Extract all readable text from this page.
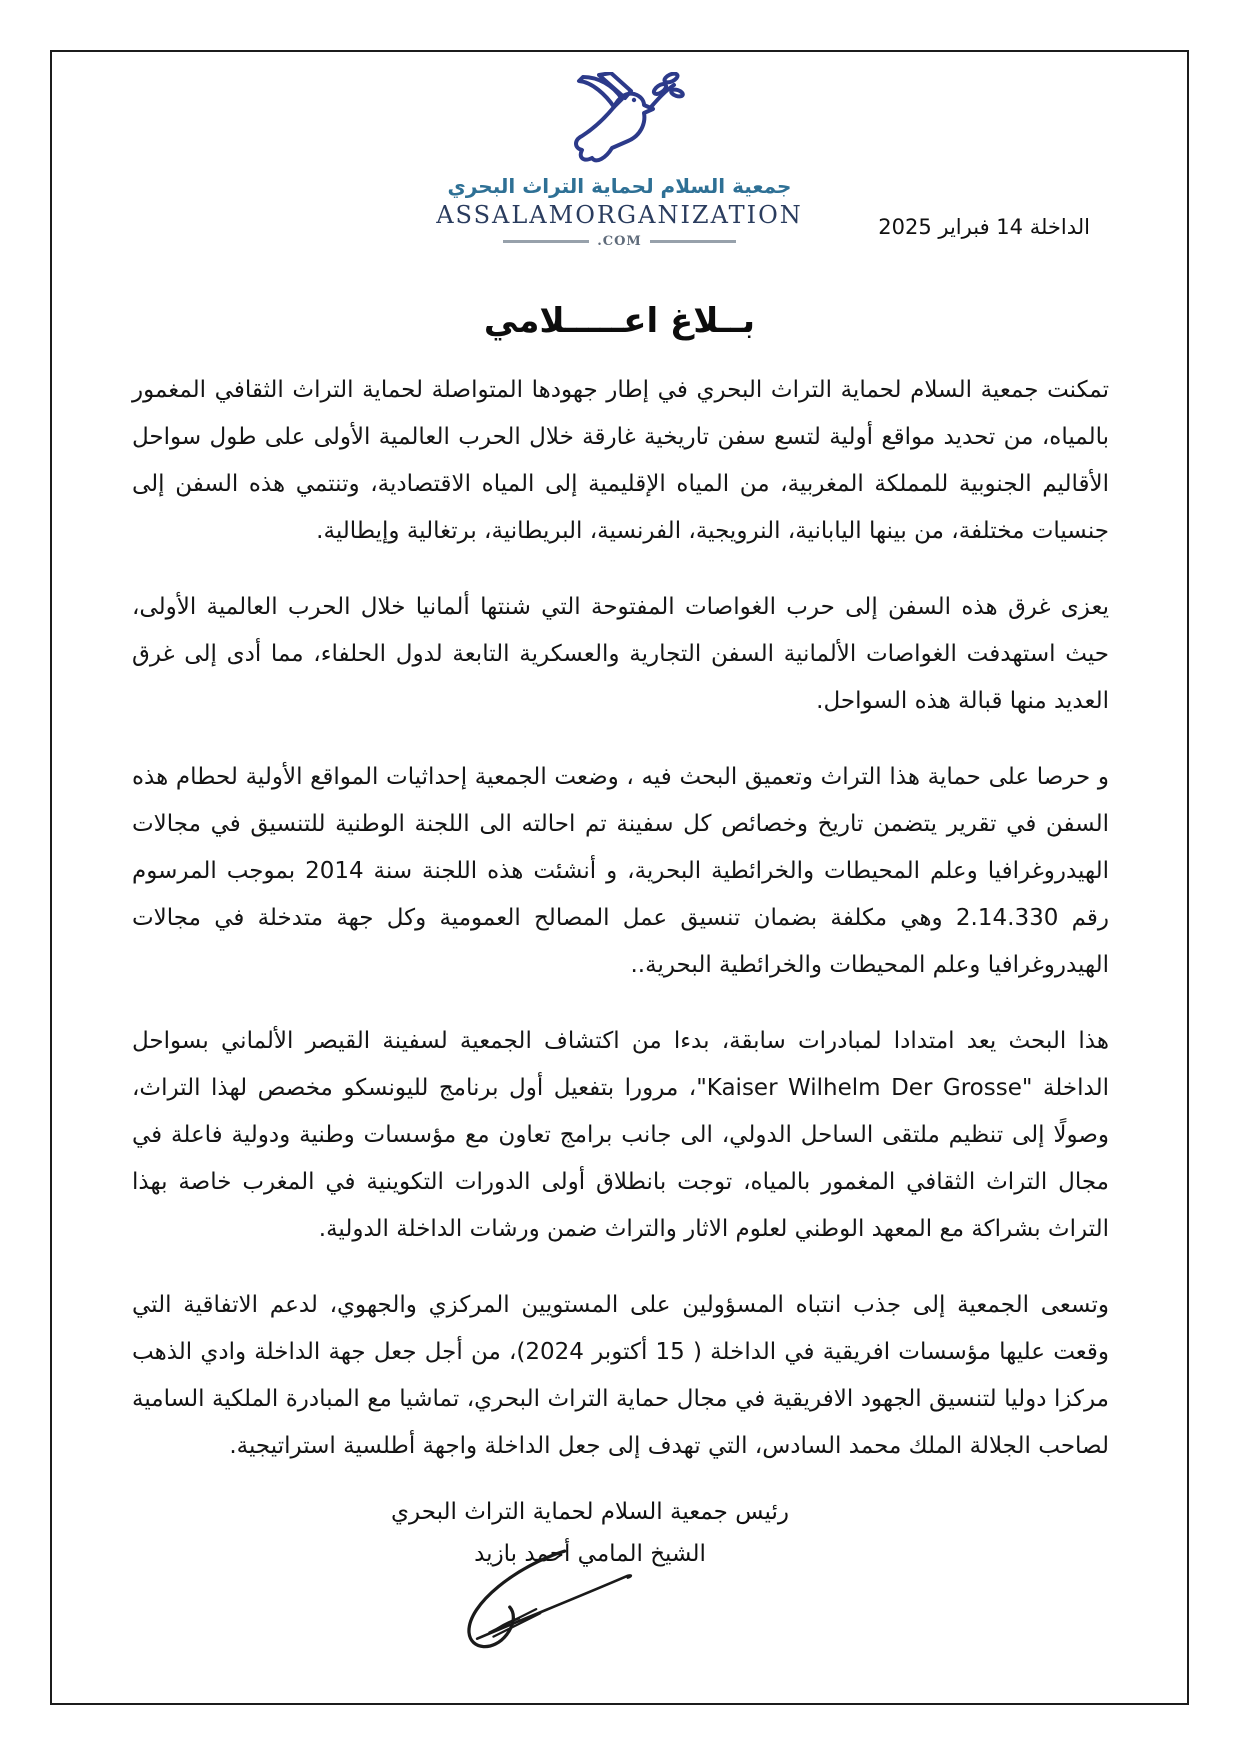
جمعية السلام لحماية التراث البحري
ASSALAMORGANIZATION
.COM
الداخلة 14 فبراير 2025
بــلاغ اعـــــلامي

تمكنت جمعية السلام لحماية التراث البحري في إطار جهودها المتواصلة لحماية التراث الثقافي المغمور بالمياه، من تحديد مواقع أولية لتسع سفن تاريخية غارقة خلال الحرب العالمية الأولى على طول سواحل الأقاليم الجنوبية للمملكة المغربية، من المياه الإقليمية إلى المياه الاقتصادية، وتنتمي هذه السفن إلى جنسيات مختلفة، من بينها اليابانية، النرويجية، الفرنسية، البريطانية، برتغالية وإيطالية.

يعزى غرق هذه السفن إلى حرب الغواصات المفتوحة التي شنتها ألمانيا خلال الحرب العالمية الأولى، حيث استهدفت الغواصات الألمانية السفن التجارية والعسكرية التابعة لدول الحلفاء، مما أدى إلى غرق العديد منها قبالة هذه السواحل.

و حرصا على حماية هذا التراث وتعميق البحث فيه ، وضعت الجمعية إحداثيات المواقع الأولية لحطام هذه السفن في تقرير يتضمن تاريخ وخصائص كل سفينة تم احالته الى اللجنة الوطنية للتنسيق في مجالات الهيدروغرافيا وعلم المحيطات والخرائطية البحرية، و أنشئت هذه اللجنة سنة 2014 بموجب المرسوم رقم 2.14.330 وهي مكلفة بضمان تنسيق عمل المصالح العمومية وكل جهة متدخلة في مجالات الهيدروغرافيا وعلم المحيطات والخرائطية البحرية..

هذا البحث يعد امتدادا لمبادرات سابقة، بدءا من اكتشاف الجمعية لسفينة القيصر الألماني بسواحل الداخلة "Kaiser Wilhelm Der Grosse"، مرورا بتفعيل أول برنامج لليونسكو مخصص لهذا التراث، وصولًا إلى تنظيم ملتقى الساحل الدولي، الى جانب برامج تعاون مع مؤسسات وطنية ودولية فاعلة في مجال التراث الثقافي المغمور بالمياه، توجت بانطلاق أولى الدورات التكوينية في المغرب خاصة بهذا التراث بشراكة مع المعهد الوطني لعلوم الاثار والتراث ضمن ورشات الداخلة الدولية.

وتسعى الجمعية إلى جذب انتباه المسؤولين على المستويين المركزي والجهوي، لدعم الاتفاقية التي وقعت عليها مؤسسات افريقية في الداخلة ( 15 أكتوبر 2024)، من أجل جعل جهة الداخلة وادي الذهب مركزا دوليا لتنسيق الجهود الافريقية في مجال حماية التراث البحري، تماشيا مع المبادرة الملكية السامية لصاحب الجلالة الملك محمد السادس، التي تهدف إلى جعل الداخلة واجهة أطلسية استراتيجية.

رئيس جمعية السلام لحماية التراث البحري
الشيخ المامي أحمد بازيد
